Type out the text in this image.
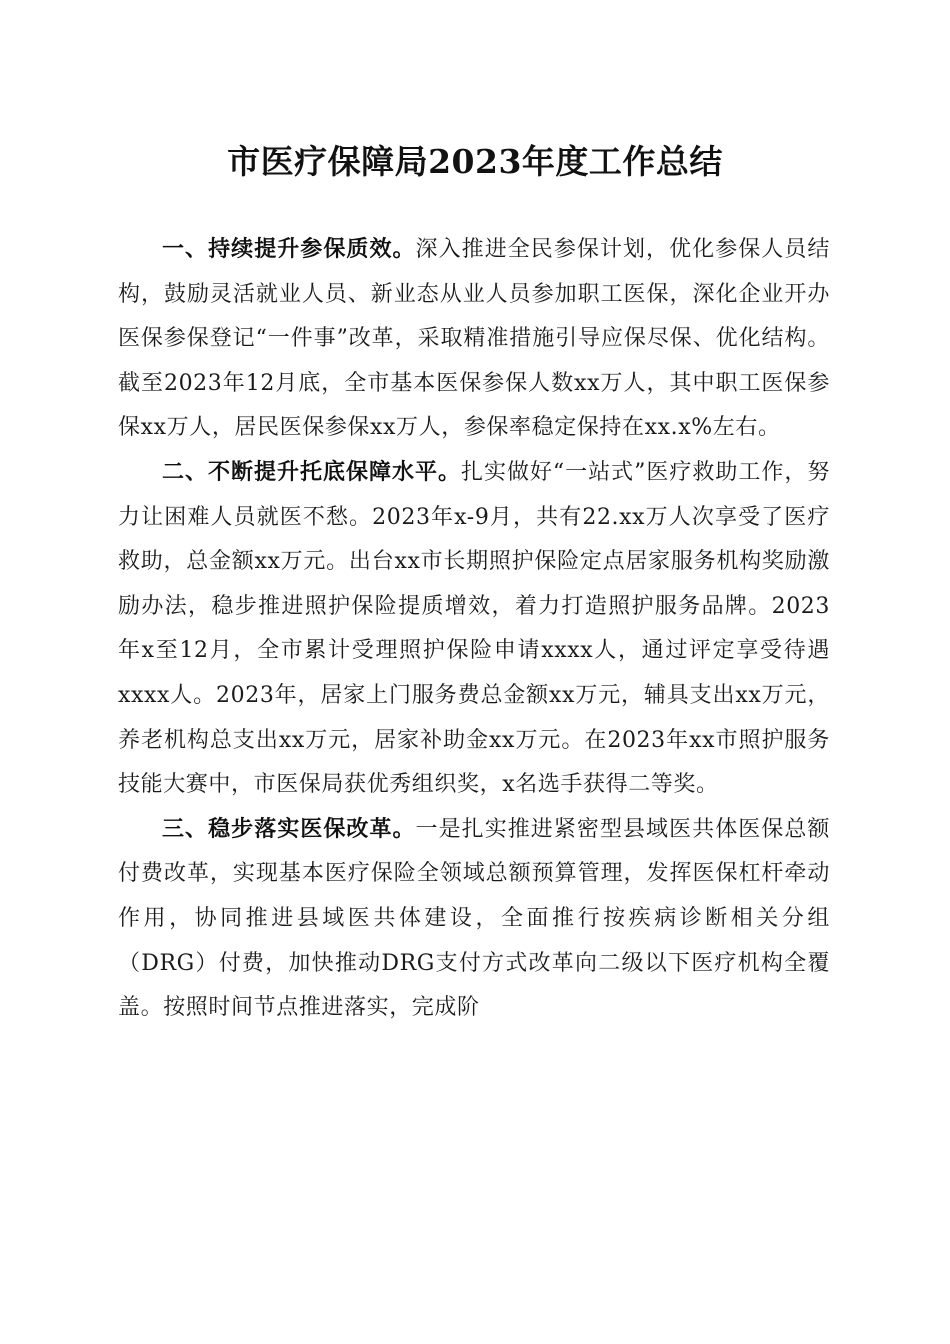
市医疗保障局2023年度工作总结

一、持续提升参保质效。深入推进全民参保计划，优化参保人员结构，鼓励灵活就业人员、新业态从业人员参加职工医保，深化企业开办医保参保登记“一件事”改革，采取精准措施引导应保尽保、优化结构。截至2023年12月底，全市基本医保参保人数xx万人，其中职工医保参保xx万人，居民医保参保xx万人，参保率稳定保持在xx.x%左右。

二、不断提升托底保障水平。扎实做好“一站式”医疗救助工作，努力让困难人员就医不愁。2023年x-9月，共有22.xx万人次享受了医疗救助，总金额xx万元。出台xx市长期照护保险定点居家服务机构奖励激励办法，稳步推进照护保险提质增效，着力打造照护服务品牌。2023年x至12月，全市累计受理照护保险申请xxxx人，通过评定享受待遇xxxx人。2023年，居家上门服务费总金额xx万元，辅具支出xx万元，养老机构总支出xx万元，居家补助金xx万元。在2023年xx市照护服务技能大赛中，市医保局获优秀组织奖，x名选手获得二等奖。

三、稳步落实医保改革。一是扎实推进紧密型县域医共体医保总额付费改革，实现基本医疗保险全领域总额预算管理，发挥医保杠杆牵动作用，协同推进县域医共体建设，全面推行按疾病诊断相关分组（DRG）付费，加快推动DRG支付方式改革向二级以下医疗机构全覆盖。按照时间节点推进落实，完成阶
